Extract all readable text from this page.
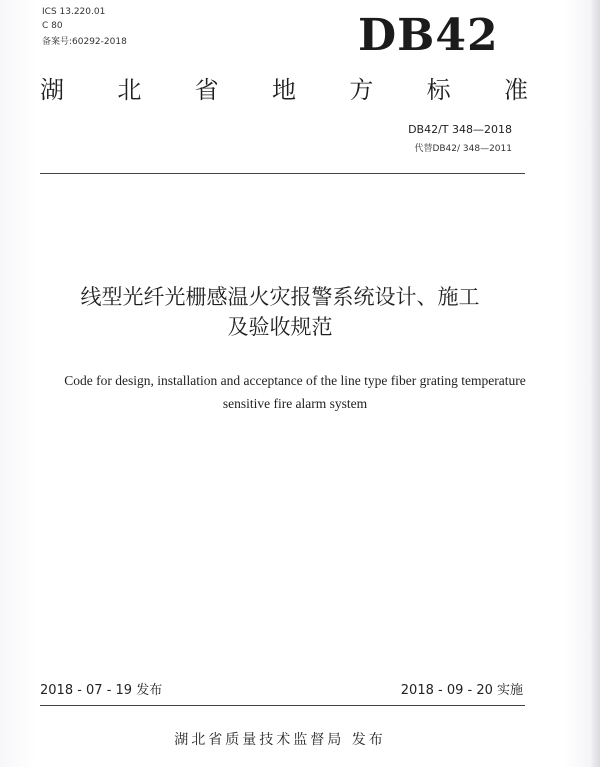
ICS 13.220.01
C 80
备案号:60292-2018	DB42
湖 北 省 地 方 标 准
DB42/T 348—2018
代替DB42/ 348—2011
线型光纤光栅感温火灾报警系统设计、施工
及验收规范
Code for design, installation and acceptance of the line type fiber grating temperature
sensitive fire alarm system
2018 - 07 - 19 发布	2018 - 09 - 20 实施
湖北省质量技术监督局 发布
